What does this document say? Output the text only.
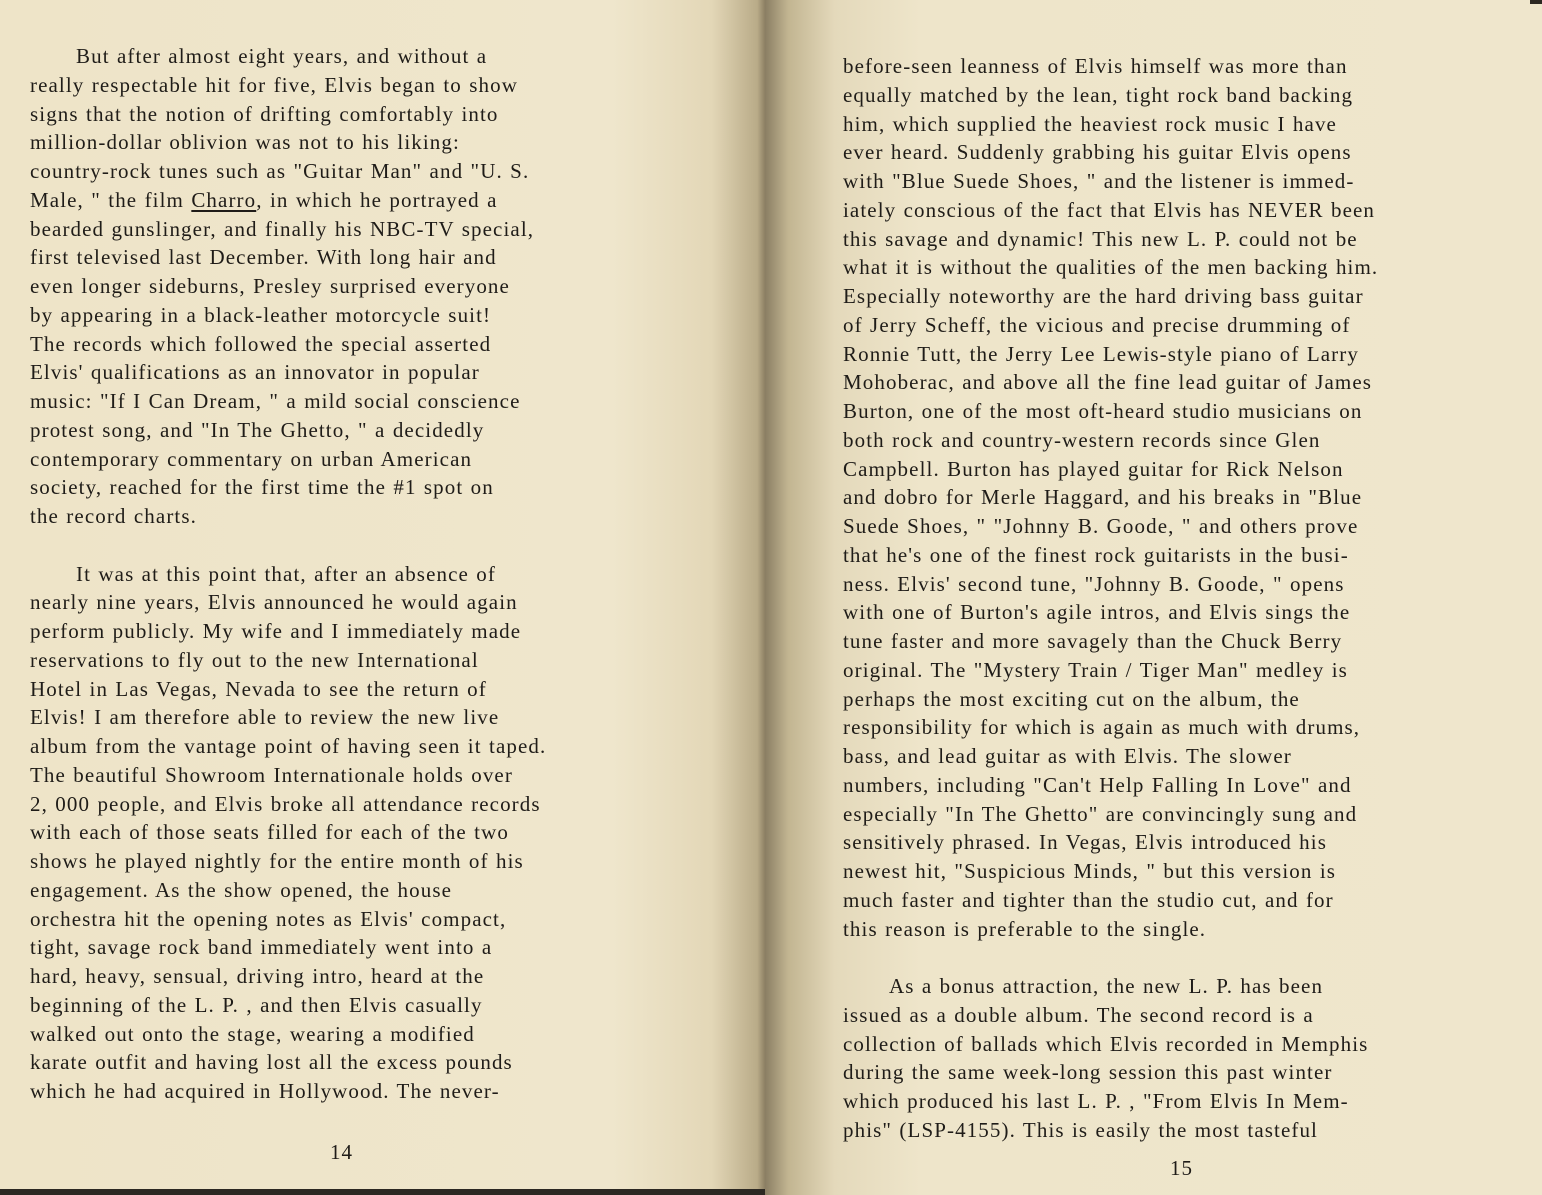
But after almost eight years, and without a
really respectable hit for five, Elvis began to show
signs that the notion of drifting comfortably into
million-dollar oblivion was not to his liking:
country-rock tunes such as "Guitar Man" and "U. S.
Male, " the film Charro, in which he portrayed a
bearded gunslinger, and finally his NBC-TV special,
first televised last December. With long hair and
even longer sideburns, Presley surprised everyone
by appearing in a black-leather motorcycle suit!
The records which followed the special asserted
Elvis' qualifications as an innovator in popular
music: "If I Can Dream, " a mild social conscience
protest song, and "In The Ghetto, " a decidedly
contemporary commentary on urban American
society, reached for the first time the #1 spot on
the record charts.

It was at this point that, after an absence of
nearly nine years, Elvis announced he would again
perform publicly. My wife and I immediately made
reservations to fly out to the new International
Hotel in Las Vegas, Nevada to see the return of
Elvis! I am therefore able to review the new live
album from the vantage point of having seen it taped.
The beautiful Showroom Internationale holds over
2, 000 people, and Elvis broke all attendance records
with each of those seats filled for each of the two
shows he played nightly for the entire month of his
engagement. As the show opened, the house
orchestra hit the opening notes as Elvis' compact,
tight, savage rock band immediately went into a
hard, heavy, sensual, driving intro, heard at the
beginning of the L. P. , and then Elvis casually
walked out onto the stage, wearing a modified
karate outfit and having lost all the excess pounds
which he had acquired in Hollywood. The never-

14

before-seen leanness of Elvis himself was more than
equally matched by the lean, tight rock band backing
him, which supplied the heaviest rock music I have
ever heard. Suddenly grabbing his guitar Elvis opens
with "Blue Suede Shoes, " and the listener is immed-
iately conscious of the fact that Elvis has NEVER been
this savage and dynamic! This new L. P. could not be
what it is without the qualities of the men backing him.
Especially noteworthy are the hard driving bass guitar
of Jerry Scheff, the vicious and precise drumming of
Ronnie Tutt, the Jerry Lee Lewis-style piano of Larry
Mohoberac, and above all the fine lead guitar of James
Burton, one of the most oft-heard studio musicians on
both rock and country-western records since Glen
Campbell. Burton has played guitar for Rick Nelson
and dobro for Merle Haggard, and his breaks in "Blue
Suede Shoes, " "Johnny B. Goode, " and others prove
that he's one of the finest rock guitarists in the busi-
ness. Elvis' second tune, "Johnny B. Goode, " opens
with one of Burton's agile intros, and Elvis sings the
tune faster and more savagely than the Chuck Berry
original. The "Mystery Train / Tiger Man" medley is
perhaps the most exciting cut on the album, the
responsibility for which is again as much with drums,
bass, and lead guitar as with Elvis. The slower
numbers, including "Can't Help Falling In Love" and
especially "In The Ghetto" are convincingly sung and
sensitively phrased. In Vegas, Elvis introduced his
newest hit, "Suspicious Minds, " but this version is
much faster and tighter than the studio cut, and for
this reason is preferable to the single.

As a bonus attraction, the new L. P. has been
issued as a double album. The second record is a
collection of ballads which Elvis recorded in Memphis
during the same week-long session this past winter
which produced his last L. P. , "From Elvis In Mem-
phis" (LSP-4155). This is easily the most tasteful

15
